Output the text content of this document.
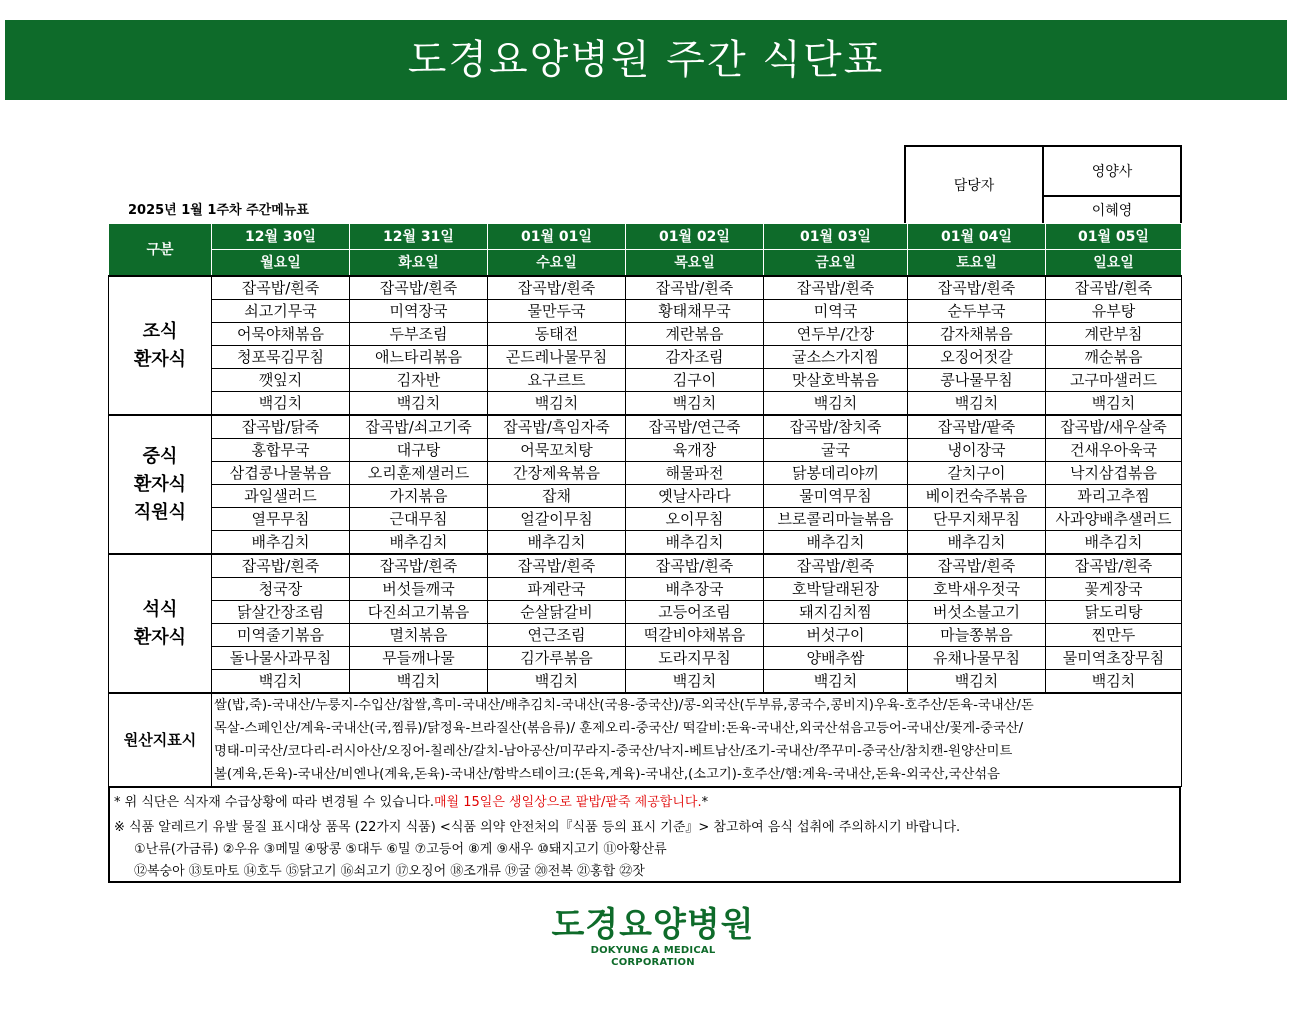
도경요양병원 주간 식단표
담당자	영양사
이혜영
2025년 1월 1주차 주간메뉴표
구분	12월 30일	12월 31일	01월 01일	01월 02일	01월 03일	01월 04일	01월 05일
	월요일	화요일	수요일	목요일	금요일	토요일	일요일

조식
환자식	잡곡밥/흰죽	잡곡밥/흰죽	잡곡밥/흰죽	잡곡밥/흰죽	잡곡밥/흰죽	잡곡밥/흰죽	잡곡밥/흰죽
	쇠고기무국	미역장국	물만두국	황태채무국	미역국	순두부국	유부탕
	어묵야채볶음	두부조림	동태전	계란볶음	연두부/간장	감자채볶음	계란부침
	청포묵김무침	애느타리볶음	곤드레나물무침	감자조림	굴소스가지찜	오징어젓갈	깨순볶음
	깻잎지	김자반	요구르트	김구이	맛살호박볶음	콩나물무침	고구마샐러드
	백김치	백김치	백김치	백김치	백김치	백김치	백김치

중식
환자식
직원식	잡곡밥/닭죽	잡곡밥/쇠고기죽	잡곡밥/흑임자죽	잡곡밥/연근죽	잡곡밥/참치죽	잡곡밥/팥죽	잡곡밥/새우살죽
	홍합무국	대구탕	어묵꼬치탕	육개장	굴국	냉이장국	건새우아욱국
	삼겹콩나물볶음	오리훈제샐러드	간장제육볶음	해물파전	닭봉데리야끼	갈치구이	낙지삼겹볶음
	과일샐러드	가지볶음	잡채	옛날사라다	물미역무침	베이컨숙주볶음	꽈리고추찜
	열무무침	근대무침	얼갈이무침	오이무침	브로콜리마늘볶음	단무지채무침	사과양배추샐러드
	배추김치	배추김치	배추김치	배추김치	배추김치	배추김치	배추김치

석식
환자식	잡곡밥/흰죽	잡곡밥/흰죽	잡곡밥/흰죽	잡곡밥/흰죽	잡곡밥/흰죽	잡곡밥/흰죽	잡곡밥/흰죽
	청국장	버섯들깨국	파계란국	배추장국	호박달래된장	호박새우젓국	꽃게장국
	닭살간장조림	다진쇠고기볶음	순살닭갈비	고등어조림	돼지김치찜	버섯소불고기	닭도리탕
	미역줄기볶음	멸치볶음	연근조림	떡갈비야채볶음	버섯구이	마늘쫑볶음	찐만두
	돌나물사과무침	무들깨나물	김가루볶음	도라지무침	양배추쌈	유채나물무침	물미역초장무침
	백김치	백김치	백김치	백김치	백김치	백김치	백김치
원산지표시	쌀(밥,죽)-국내산/누룽지-수입산/찹쌀,흑미-국내산/배추김치-국내산(국용-중국산)/콩-외국산(두부류,콩국수,콩비지)우육-호주산/돈육-국내산/돈
목살-스페인산/계육-국내산(국,찜류)/닭정육-브라질산(볶음류)/ 훈제오리-중국산/ 떡갈비:돈육-국내산,외국산섞음고등어-국내산/꽃게-중국산/
명태-미국산/코다리-러시아산/오징어-칠레산/갈치-남아공산/미꾸라지-중국산/낙지-베트남산/조기-국내산/쭈꾸미-중국산/참치캔-원양산미트
볼(계육,돈육)-국내산/비엔나(계육,돈육)-국내산/함박스테이크:(돈육,계육)-국내산,(소고기)-호주산/햄:계육-국내산,돈육-외국산,국산섞음						
* 위 식단은 식자재 수급상황에 따라 변경될 수 있습니다.매월 15일은 생일상으로 팥밥/팥죽 제공합니다.*
※ 식품 알레르기 유발 물질 표시대상 품목 (22가지 식품) <식품 의약 안전처의『식품 등의 표시 기준』> 참고하여 음식 섭취에 주의하시기 바랍니다.
①난류(가금류) ②우유 ③메밀 ④땅콩 ⑤대두 ⑥밀 ⑦고등어 ⑧게 ⑨새우 ⑩돼지고기 ⑪아황산류
⑫복숭아 ⑬토마토 ⑭호두 ⑮닭고기 ⑯쇠고기 ⑰오징어 ⑱조개류 ⑲굴 ⑳전복 ㉑홍합 ㉒잣
도경요양병원
DOKYUNG A MEDICAL CORPORATION
